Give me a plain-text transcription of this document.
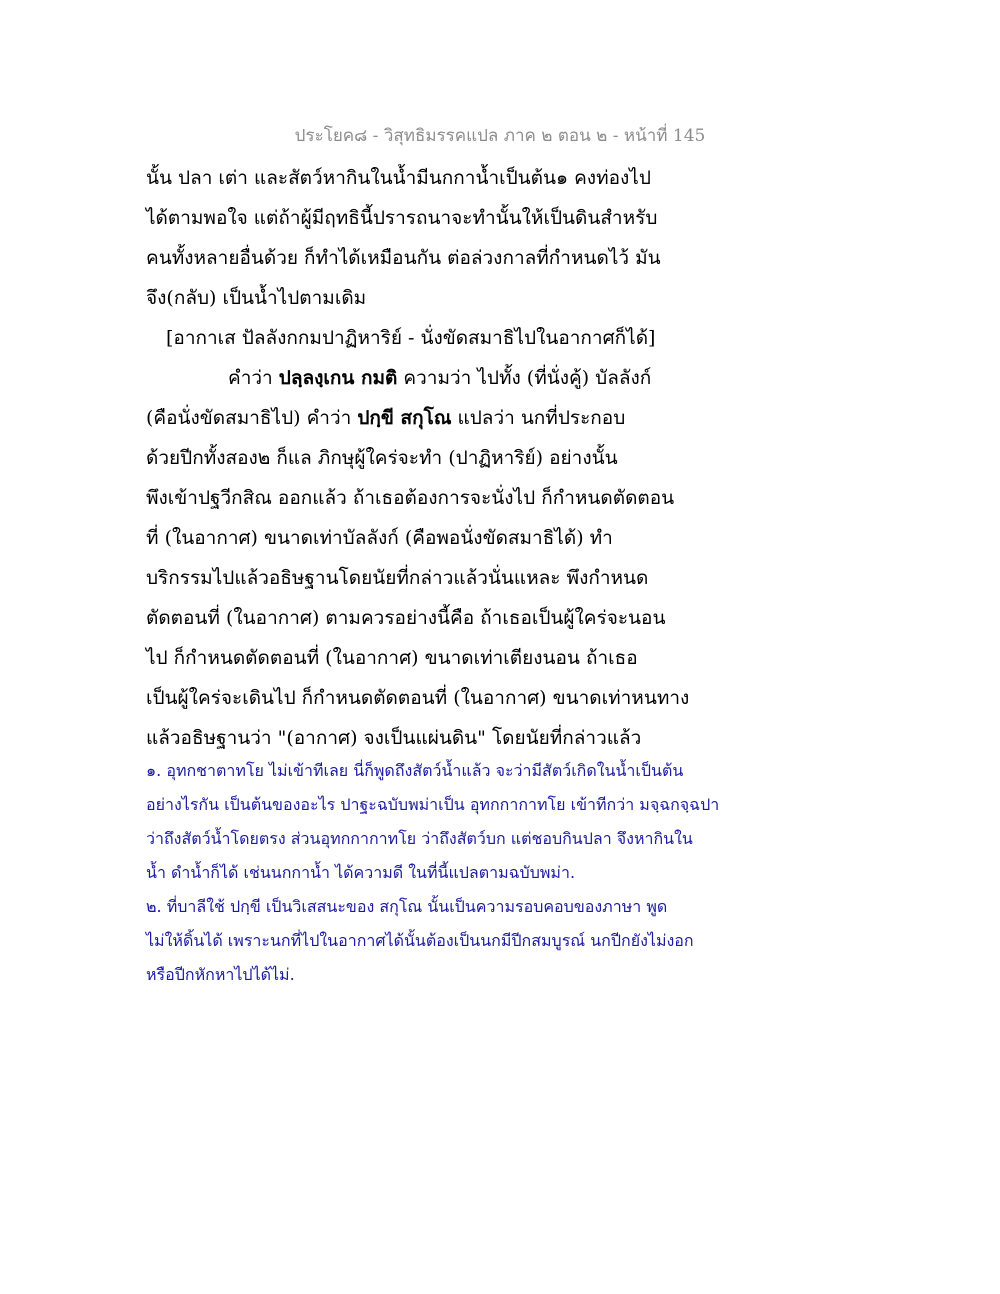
ประโยค๘ - วิสุทธิมรรคแปล ภาค ๒ ตอน ๒ - หน้าที่ 145
นั้น ปลา เต่า และสัตว์หากินในน้ำมีนกกาน้ำเป็นต้น๑ คงท่องไป
ได้ตามพอใจ แต่ถ้าผู้มีฤทธินี้ปรารถนาจะทำนั้นให้เป็นดินสำหรับ
คนทั้งหลายอื่นด้วย ก็ทำได้เหมือนกัน ต่อล่วงกาลที่กำหนดไว้ มัน
จึง(กลับ) เป็นน้ำไปตามเดิม
[อากาเส ปัลลังกกมปาฏิหาริย์ - นั่งขัดสมาธิไปในอากาศก็ได้]
คำว่า ปลฺลงฺเกน กมติ ความว่า ไปทั้ง (ที่นั่งคู้) บัลลังก์
(คือนั่งขัดสมาธิไป) คำว่า ปกฺขี สกุโณ แปลว่า นกที่ประกอบ
ด้วยปีกทั้งสอง๒ ก็แล ภิกษุผู้ใคร่จะทำ (ปาฏิหาริย์) อย่างนั้น
พึงเข้าปฐวีกสิณ ออกแล้ว ถ้าเธอต้องการจะนั่งไป ก็กำหนดตัดตอน
ที่ (ในอากาศ) ขนาดเท่าบัลลังก์ (คือพอนั่งขัดสมาธิได้) ทำ
บริกรรมไปแล้วอธิษฐานโดยนัยที่กล่าวแล้วนั่นแหละ พึงกำหนด
ตัดตอนที่ (ในอากาศ) ตามควรอย่างนี้คือ ถ้าเธอเป็นผู้ใคร่จะนอน
ไป ก็กำหนดตัดตอนที่ (ในอากาศ) ขนาดเท่าเตียงนอน ถ้าเธอ
เป็นผู้ใคร่จะเดินไป ก็กำหนดตัดตอนที่ (ในอากาศ) ขนาดเท่าหนทาง
แล้วอธิษฐานว่า "(อากาศ) จงเป็นแผ่นดิน" โดยนัยที่กล่าวแล้ว
๑. อุทกชาตาทโย ไม่เข้าทีเลย นี่ก็พูดถึงสัตว์น้ำแล้ว จะว่ามีสัตว์เกิดในน้ำเป็นต้น
อย่างไรกัน เป็นต้นของอะไร ปาฐะฉบับพม่าเป็น อุทกกากาทโย เข้าทีกว่า มจฺฉกจฺฉปา
ว่าถึงสัตว์น้ำโดยตรง ส่วนอุทกกากาทโย ว่าถึงสัตว์บก แต่ชอบกินปลา จึงหากินใน
น้ำ ดำน้ำก็ได้ เช่นนกกาน้ำ ได้ความดี ในที่นี้แปลตามฉบับพม่า.
๒. ที่บาลีใช้ ปกฺขี เป็นวิเสสนะของ สกุโณ นั้นเป็นความรอบคอบของภาษา พูด
ไม่ให้ดิ้นได้ เพราะนกที่ไปในอากาศได้นั้นต้องเป็นนกมีปีกสมบูรณ์ นกปีกยังไม่งอก
หรือปีกหักหาไปได้ไม่.
